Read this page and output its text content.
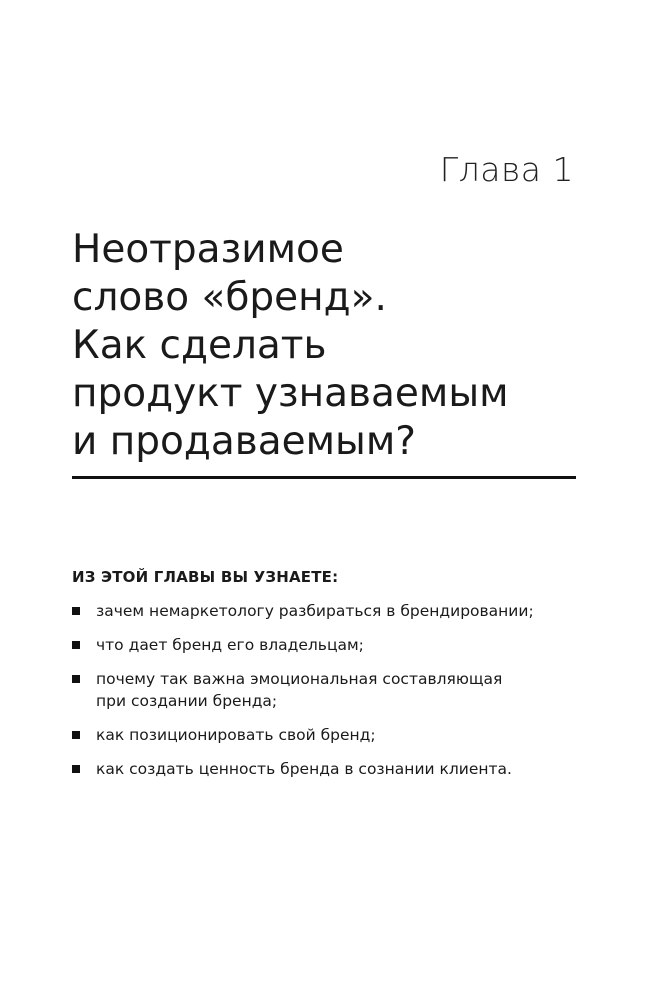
Глава 1
Неотразимое
слово «бренд».
Как сделать
продукт узнаваемым
и продаваемым?
ИЗ ЭТОЙ ГЛАВЫ ВЫ УЗНАЕТЕ:
зачем немаркетологу разбираться в брендировании;
что дает бренд его владельцам;
почему так важна эмоциональная составляющая
при создании бренда;
как позиционировать свой бренд;
как создать ценность бренда в сознании клиента.
